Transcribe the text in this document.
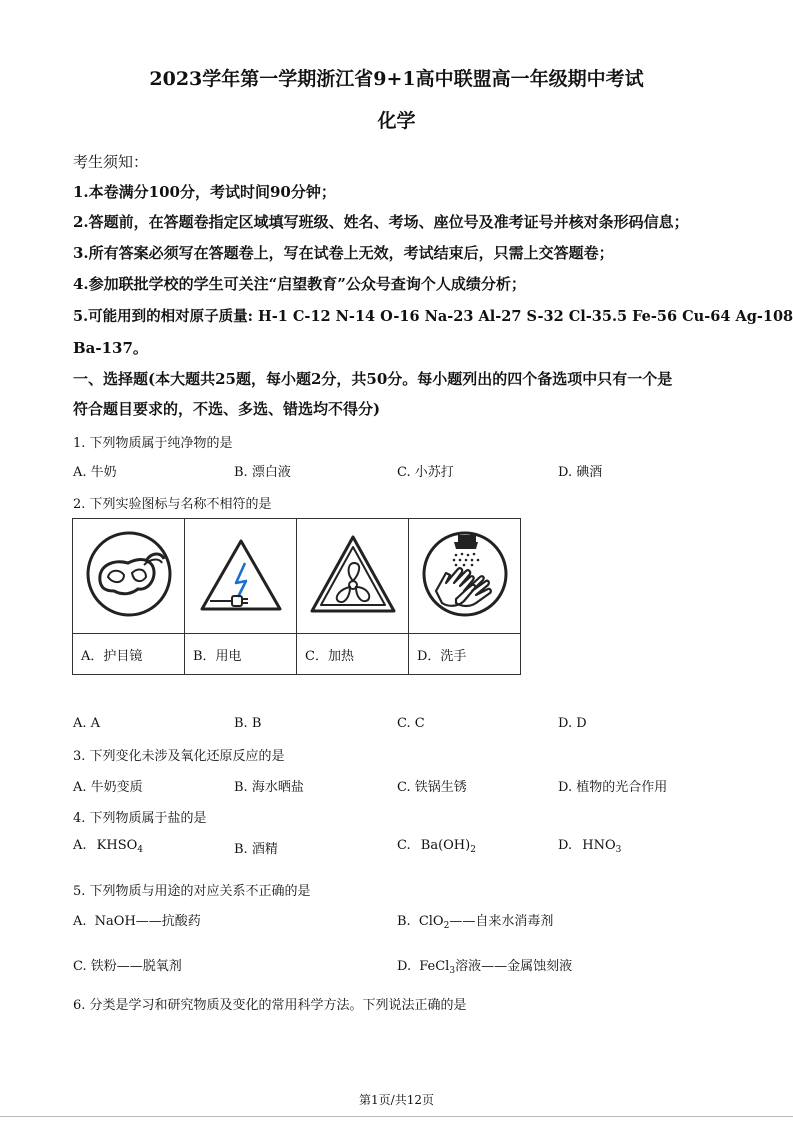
2023学年第一学期浙江省9+1高中联盟高一年级期中考试
化学
考生须知：
1.本卷满分100分，考试时间90分钟；
2.答题前，在答题卷指定区域填写班级、姓名、考场、座位号及准考证号并核对条形码信息；
3.所有答案必须写在答题卷上，写在试卷上无效，考试结束后，只需上交答题卷；
4.参加联批学校的学生可关注“启望教育”公众号查询个人成绩分析；
5.可能用到的相对原子质量: H-1 C-12 N-14 O-16 Na-23 Al-27 S-32 Cl-35.5 Fe-56 Cu-64 Ag-108
Ba-137。
一、选择题(本大题共25题，每小题2分，共50分。每小题列出的四个备选项中只有一个是
符合题目要求的，不选、多选、错选均不得分)
1. 下列物质属于纯净物的是
A. 牛奶	B. 漂白液	C. 小苏打	D. 碘酒
2. 下列实验图标与名称不相符的是

A．护目镜	B．用电	C．加热	D．洗手
A. A	B. B	C. C	D. D
3. 下列变化未涉及氧化还原反应的是
A. 牛奶变质	B. 海水晒盐	C. 铁锅生锈	D. 植物的光合作用
4. 下列物质属于盐的是
A. $KHSO_4$	B. 酒精	C. $Ba(OH)_2$	D. $HNO_3$
5. 下列物质与用途的对应关系不正确的是
A. NaOH——抗酸药	B. ClO$_2$——自来水消毒剂
C. 铁粉——脱氧剂	D. FeCl$_3$溶液——金属蚀刻液
6. 分类是学习和研究物质及变化的常用科学方法。下列说法正确的是
第1页/共12页
